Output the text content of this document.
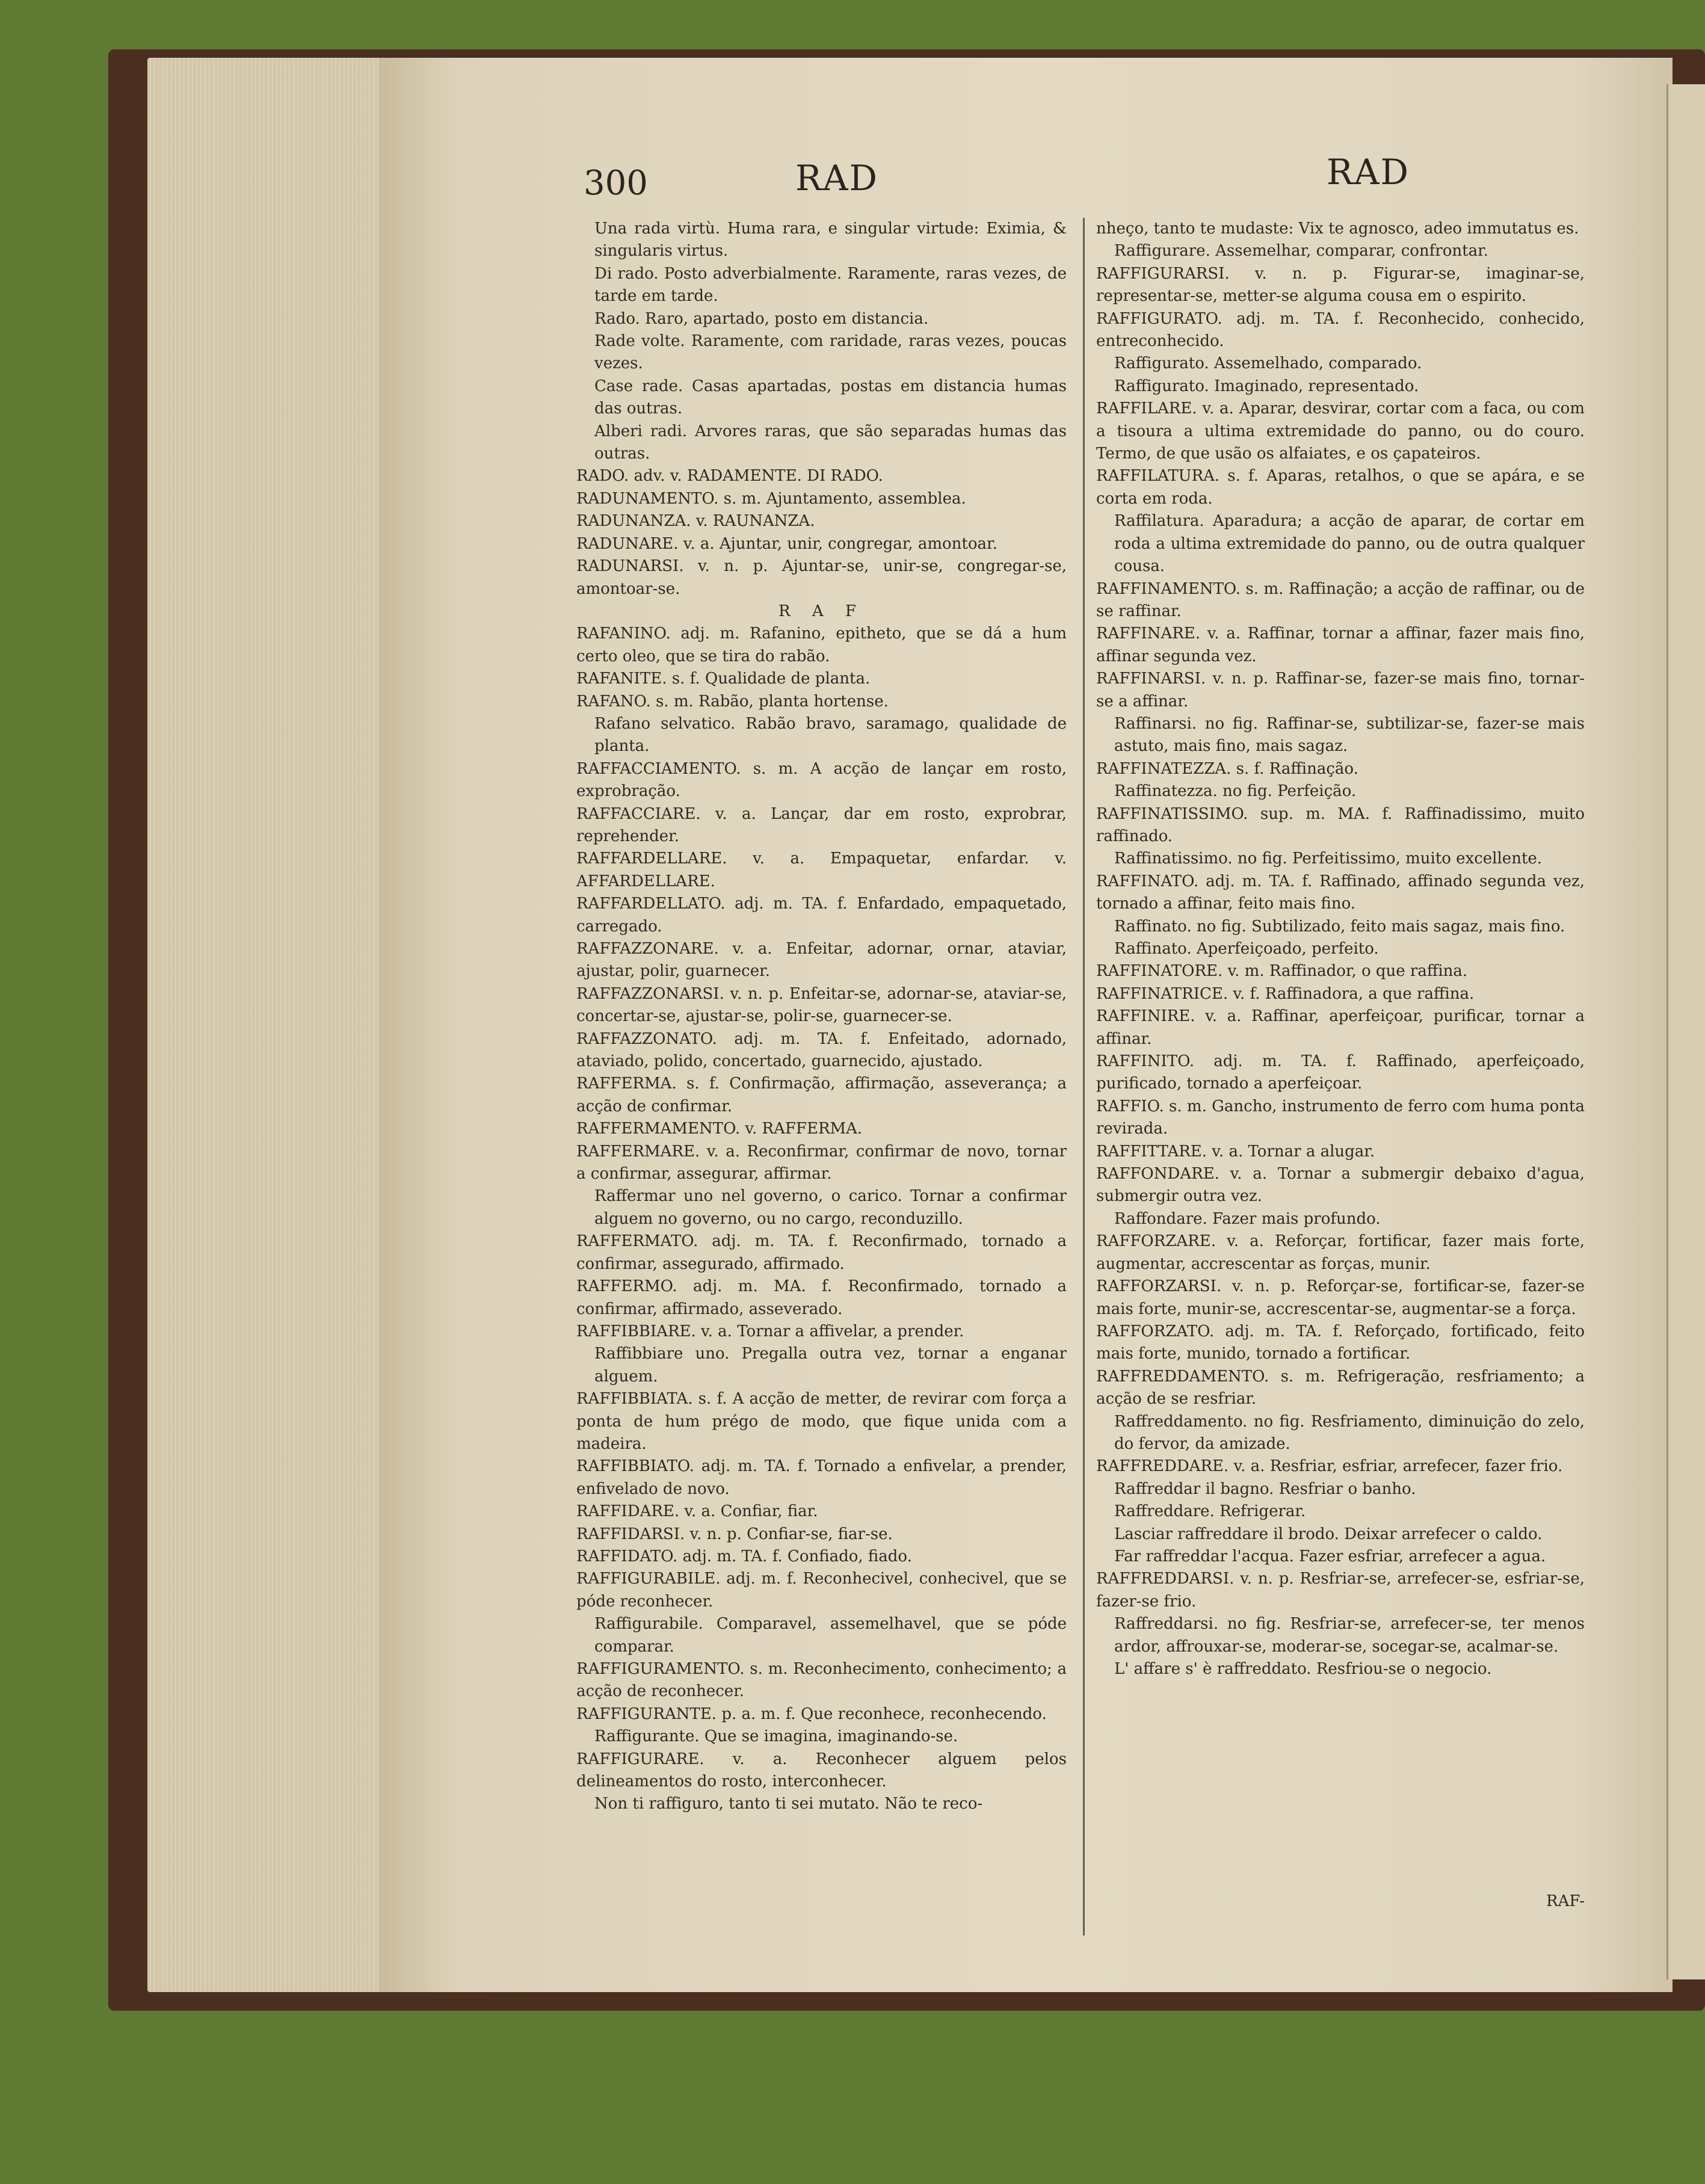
300	RAD	RAD
Una rada virtù. Huma rara, e singular virtude: Eximia, & singularis virtus.
Di rado. Posto adverbialmente. Raramente, raras vezes, de tarde em tarde.
Rado. Raro, apartado, posto em distancia.
Rade volte. Raramente, com raridade, raras vezes, poucas vezes.
Case rade. Casas apartadas, postas em distancia humas das outras.
Alberi radi. Arvores raras, que são separadas humas das outras.
RADO. adv. v. RADAMENTE. DI RADO.
RADUNAMENTO. s. m. Ajuntamento, assemblea.
RADUNANZA. v. RAUNANZA.
RADUNARE. v. a. Ajuntar, unir, congregar, amontoar.
RADUNARSI. v. n. p. Ajuntar-se, unir-se, congregar-se, amontoar-se.
R A F
RAFANINO. adj. m. Rafanino, epitheto, que se dá a hum certo oleo, que se tira do rabão.
RAFANITE. s. f. Qualidade de planta.
RAFANO. s. m. Rabão, planta hortense.
Rafano selvatico. Rabão bravo, saramago, qualidade de planta.
RAFFACCIAMENTO. s. m. A acção de lançar em rosto, exprobração.
RAFFACCIARE. v. a. Lançar, dar em rosto, exprobrar, reprehender.
RAFFARDELLARE. v. a. Empaquetar, enfardar. v. AFFARDELLARE.
RAFFARDELLATO. adj. m. TA. f. Enfardado, empaquetado, carregado.
RAFFAZZONARE. v. a. Enfeitar, adornar, ornar, ataviar, ajustar, polir, guarnecer.
RAFFAZZONARSI. v. n. p. Enfeitar-se, adornar-se, ataviar-se, concertar-se, ajustar-se, polir-se, guarnecer-se.
RAFFAZZONATO. adj. m. TA. f. Enfeitado, adornado, ataviado, polido, concertado, guarnecido, ajustado.
RAFFERMA. s. f. Confirmação, affirmação, asseverança; a acção de confirmar.
RAFFERMAMENTO. v. RAFFERMA.
RAFFERMARE. v. a. Reconfirmar, confirmar de novo, tornar a confirmar, assegurar, affirmar.
Raffermar uno nel governo, o carico. Tornar a confirmar alguem no governo, ou no cargo, reconduzillo.
RAFFERMATO. adj. m. TA. f. Reconfirmado, tornado a confirmar, assegurado, affirmado.
RAFFERMO. adj. m. MA. f. Reconfirmado, tornado a confirmar, affirmado, asseverado.
RAFFIBBIARE. v. a. Tornar a affivelar, a prender.
Raffibbiare uno. Pregalla outra vez, tornar a enganar alguem.
RAFFIBBIATA. s. f. A acção de metter, de revirar com força a ponta de hum prégo de modo, que fique unida com a madeira.
RAFFIBBIATO. adj. m. TA. f. Tornado a enfivelar, a prender, enfivelado de novo.
RAFFIDARE. v. a. Confiar, fiar.
RAFFIDARSI. v. n. p. Confiar-se, fiar-se.
RAFFIDATO. adj. m. TA. f. Confiado, fiado.
RAFFIGURABILE. adj. m. f. Reconhecivel, conhecivel, que se póde reconhecer.
Raffigurabile. Comparavel, assemelhavel, que se póde comparar.
RAFFIGURAMENTO. s. m. Reconhecimento, conhecimento; a acção de reconhecer.
RAFFIGURANTE. p. a. m. f. Que reconhece, reconhecendo.
Raffigurante. Que se imagina, imaginando-se.
RAFFIGURARE. v. a. Reconhecer alguem pelos delineamentos do rosto, interconhecer.
Non ti raffiguro, tanto ti sei mutato. Não te reco-
nheço, tanto te mudaste: Vix te agnosco, adeo immutatus es.
Raffigurare. Assemelhar, comparar, confrontar.
RAFFIGURARSI. v. n. p. Figurar-se, imaginar-se, representar-se, metter-se alguma cousa em o espirito.
RAFFIGURATO. adj. m. TA. f. Reconhecido, conhecido, entreconhecido.
Raffigurato. Assemelhado, comparado.
Raffigurato. Imaginado, representado.
RAFFILARE. v. a. Aparar, desvirar, cortar com a faca, ou com a tisoura a ultima extremidade do panno, ou do couro. Termo, de que usão os alfaiates, e os çapateiros.
RAFFILATURA. s. f. Aparas, retalhos, o que se apára, e se corta em roda.
Raffilatura. Aparadura; a acção de aparar, de cortar em roda a ultima extremidade do panno, ou de outra qualquer cousa.
RAFFINAMENTO. s. m. Raffinação; a acção de raffinar, ou de se raffinar.
RAFFINARE. v. a. Raffinar, tornar a affinar, fazer mais fino, affinar segunda vez.
RAFFINARSI. v. n. p. Raffinar-se, fazer-se mais fino, tornar-se a affinar.
Raffinarsi. no fig. Raffinar-se, subtilizar-se, fazer-se mais astuto, mais fino, mais sagaz.
RAFFINATEZZA. s. f. Raffinação.
Raffinatezza. no fig. Perfeição.
RAFFINATISSIMO. sup. m. MA. f. Raffinadissimo, muito raffinado.
Raffinatissimo. no fig. Perfeitissimo, muito excellente.
RAFFINATO. adj. m. TA. f. Raffinado, affinado segunda vez, tornado a affinar, feito mais fino.
Raffinato. no fig. Subtilizado, feito mais sagaz, mais fino.
Raffinato. Aperfeiçoado, perfeito.
RAFFINATORE. v. m. Raffinador, o que raffina.
RAFFINATRICE. v. f. Raffinadora, a que raffina.
RAFFINIRE. v. a. Raffinar, aperfeiçoar, purificar, tornar a affinar.
RAFFINITO. adj. m. TA. f. Raffinado, aperfeiçoado, purificado, tornado a aperfeiçoar.
RAFFIO. s. m. Gancho, instrumento de ferro com huma ponta revirada.
RAFFITTARE. v. a. Tornar a alugar.
RAFFONDARE. v. a. Tornar a submergir debaixo d'agua, submergir outra vez.
Raffondare. Fazer mais profundo.
RAFFORZARE. v. a. Reforçar, fortificar, fazer mais forte, augmentar, accrescentar as forças, munir.
RAFFORZARSI. v. n. p. Reforçar-se, fortificar-se, fazer-se mais forte, munir-se, accrescentar-se, augmentar-se a força.
RAFFORZATO. adj. m. TA. f. Reforçado, fortificado, feito mais forte, munido, tornado a fortificar.
RAFFREDDAMENTO. s. m. Refrigeração, resfriamento; a acção de se resfriar.
Raffreddamento. no fig. Resfriamento, diminuição do zelo, do fervor, da amizade.
RAFFREDDARE. v. a. Resfriar, esfriar, arrefecer, fazer frio.
Raffreddar il bagno. Resfriar o banho.
Raffreddare. Refrigerar.
Lasciar raffreddare il brodo. Deixar arrefecer o caldo.
Far raffreddar l'acqua. Fazer esfriar, arrefecer a agua.
RAFFREDDARSI. v. n. p. Resfriar-se, arrefecer-se, esfriar-se, fazer-se frio.
Raffreddarsi. no fig. Resfriar-se, arrefecer-se, ter menos ardor, affrouxar-se, moderar-se, socegar-se, acalmar-se.
L' affare s' è raffreddato. Resfriou-se o negocio.
RAF-
